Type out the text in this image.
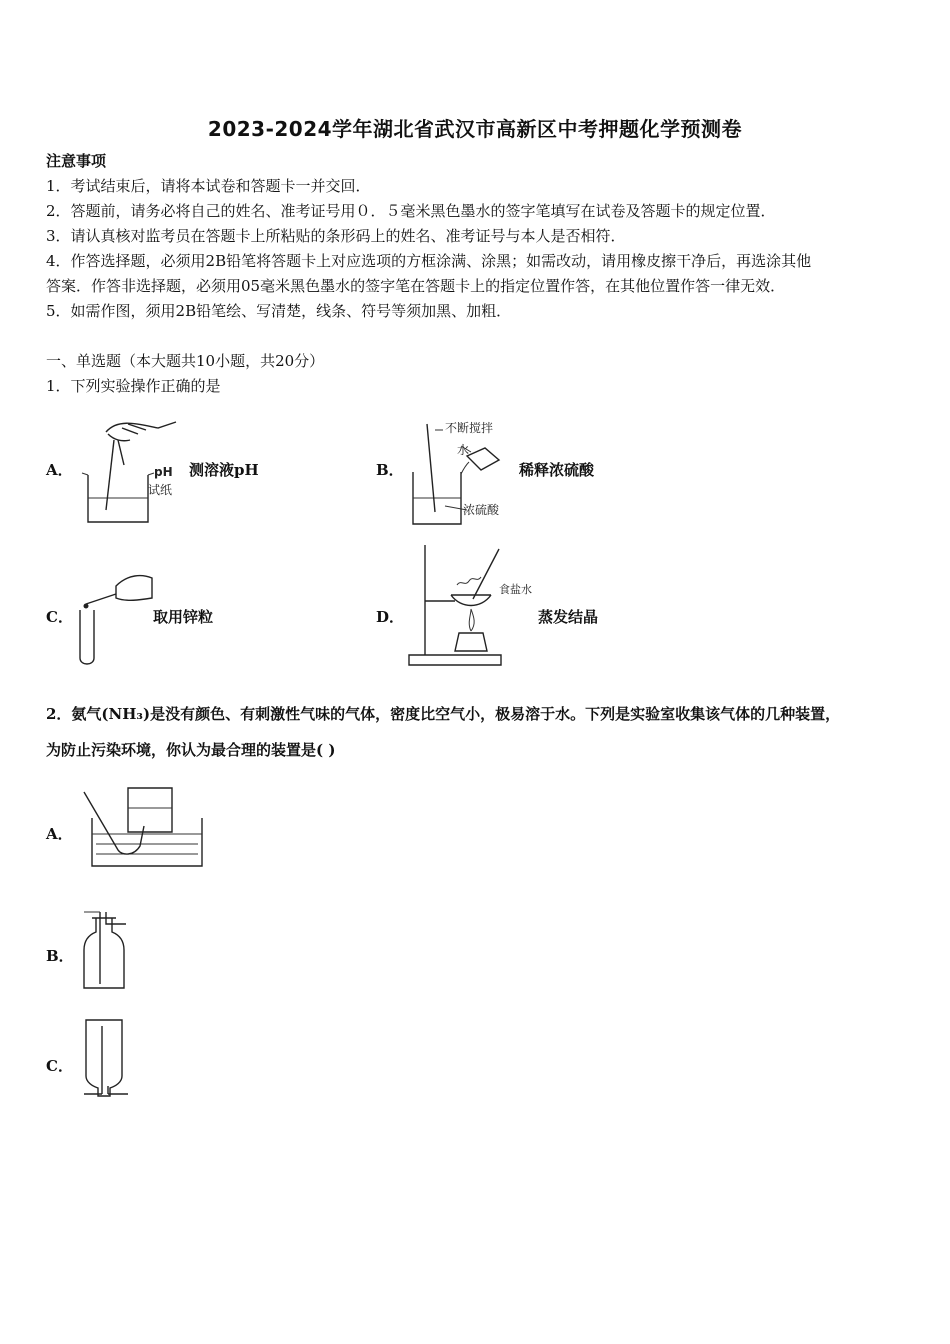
2023-2024学年湖北省武汉市高新区中考押题化学预测卷
注意事项
1．考试结束后，请将本试卷和答题卡一并交回．
2．答题前，请务必将自己的姓名、准考证号用０．５毫米黑色墨水的签字笔填写在试卷及答题卡的规定位置．
3．请认真核对监考员在答题卡上所粘贴的条形码上的姓名、准考证号与本人是否相符．
4．作答选择题，必须用2B铅笔将答题卡上对应选项的方框涂满、涂黑；如需改动，请用橡皮擦干净后，再选涂其他
答案．作答非选择题，必须用05毫米黑色墨水的签字笔在答题卡上的指定位置作答，在其他位置作答一律无效．
5．如需作图，须用2B铅笔绘、写清楚，线条、符号等须加黑、加粗．
一、单选题（本大题共10小题，共20分）
1．下列实验操作正确的是
A．	pH
试纸
测溶液pH	B．
不断搅拌
水
浓硫酸
稀释浓硫酸
C．	取用锌粒	D．
食盐水
蒸发结晶
2．氨气(NH₃)是没有颜色、有刺激性气味的气体，密度比空气小，极易溶于水。下列是实验室收集该气体的几种装置，
为防止污染环境，你认为最合理的装置是( )
A．
B．
C．
